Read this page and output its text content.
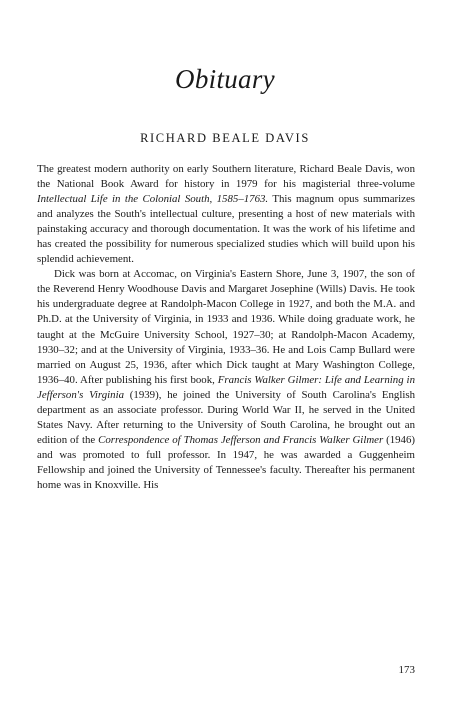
Obituary
RICHARD BEALE DAVIS

The greatest modern authority on early Southern literature, Richard Beale Davis, won the National Book Award for history in 1979 for his magisterial three-volume Intellectual Life in the Colonial South, 1585–1763. This magnum opus summarizes and analyzes the South's intellectual culture, presenting a host of new materials with painstaking accuracy and thorough documentation. It was the work of his lifetime and has created the possibility for numerous specialized studies which will build upon his splendid achievement.

Dick was born at Accomac, on Virginia's Eastern Shore, June 3, 1907, the son of the Reverend Henry Woodhouse Davis and Margaret Josephine (Wills) Davis. He took his undergraduate degree at Randolph-Macon College in 1927, and both the M.A. and Ph.D. at the University of Virginia, in 1933 and 1936. While doing graduate work, he taught at the McGuire University School, 1927–30; at Randolph-Macon Academy, 1930–32; and at the University of Virginia, 1933–36. He and Lois Camp Bullard were married on August 25, 1936, after which Dick taught at Mary Washington College, 1936–40. After publishing his first book, Francis Walker Gilmer: Life and Learning in Jefferson's Virginia (1939), he joined the University of South Carolina's English department as an associate professor. During World War II, he served in the United States Navy. After returning to the University of South Carolina, he brought out an edition of the Correspondence of Thomas Jefferson and Francis Walker Gilmer (1946) and was promoted to full professor. In 1947, he was awarded a Guggenheim Fellowship and joined the University of Tennessee's faculty. Thereafter his permanent home was in Knoxville. His

173
